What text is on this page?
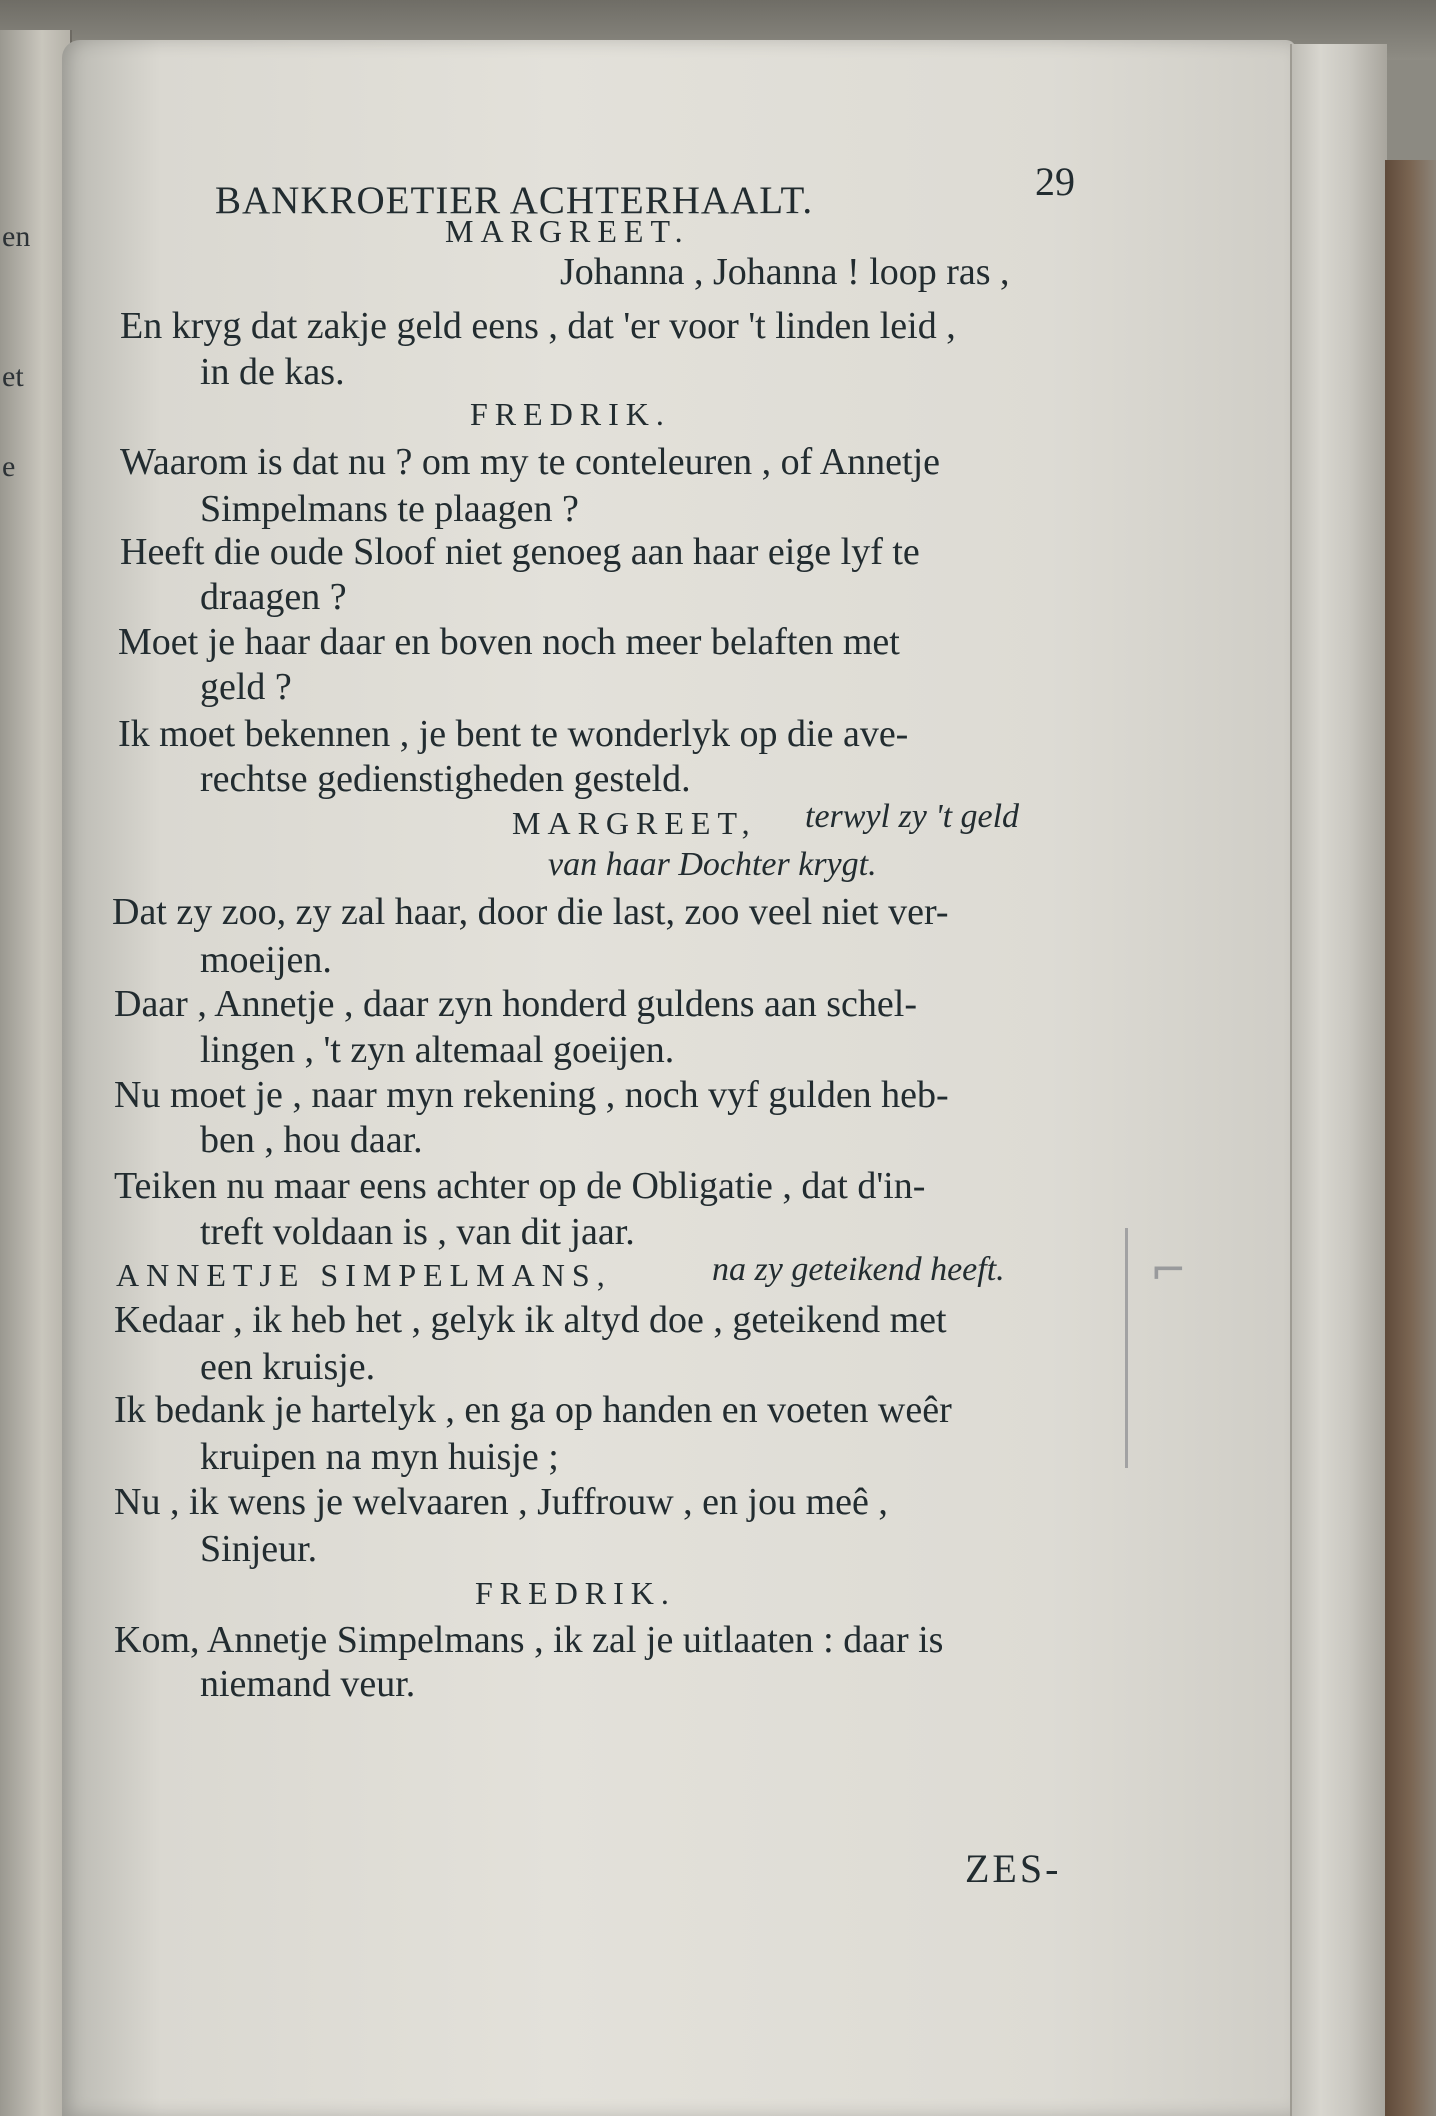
en
et
e
BANKROETIER ACHTERHAALT.	29
MARGREET.
Johanna , Johanna ! loop ras ,
En kryg dat zakje geld eens , dat 'er voor 't linden leid ,
in de kas.
FREDRIK.
Waarom is dat nu ? om my te conteleuren , of Annetje
Simpelmans te plaagen ?
Heeft die oude Sloof niet genoeg aan haar eige lyf te
draagen ?
Moet je haar daar en boven noch meer belaften met
geld ?
Ik moet bekennen , je bent te wonderlyk op die ave-
rechtse gedienstigheden gesteld.
MARGREET, terwyl zy 't geld
van haar Dochter krygt.
Dat zy zoo, zy zal haar, door die last, zoo veel niet ver-
moeijen.
Daar , Annetje , daar zyn honderd guldens aan schel-
lingen , 't zyn altemaal goeijen.
Nu moet je , naar myn rekening , noch vyf gulden heb-
ben , hou daar.
Teiken nu maar eens achter op de Obligatie , dat d'in-
treft voldaan is , van dit jaar.
ANNETJE SIMPELMANS,	na zy geteikend heeft.
Kedaar , ik heb het , gelyk ik altyd doe , geteikend met
een kruisje.
Ik bedank je hartelyk , en ga op handen en voeten weêr
kruipen na myn huisje ;
Nu , ik wens je welvaaren , Juffrouw , en jou meê ,
Sinjeur.
FREDRIK.
Kom, Annetje Simpelmans , ik zal je uitlaaten : daar is
niemand veur.
ZES-
⌐
